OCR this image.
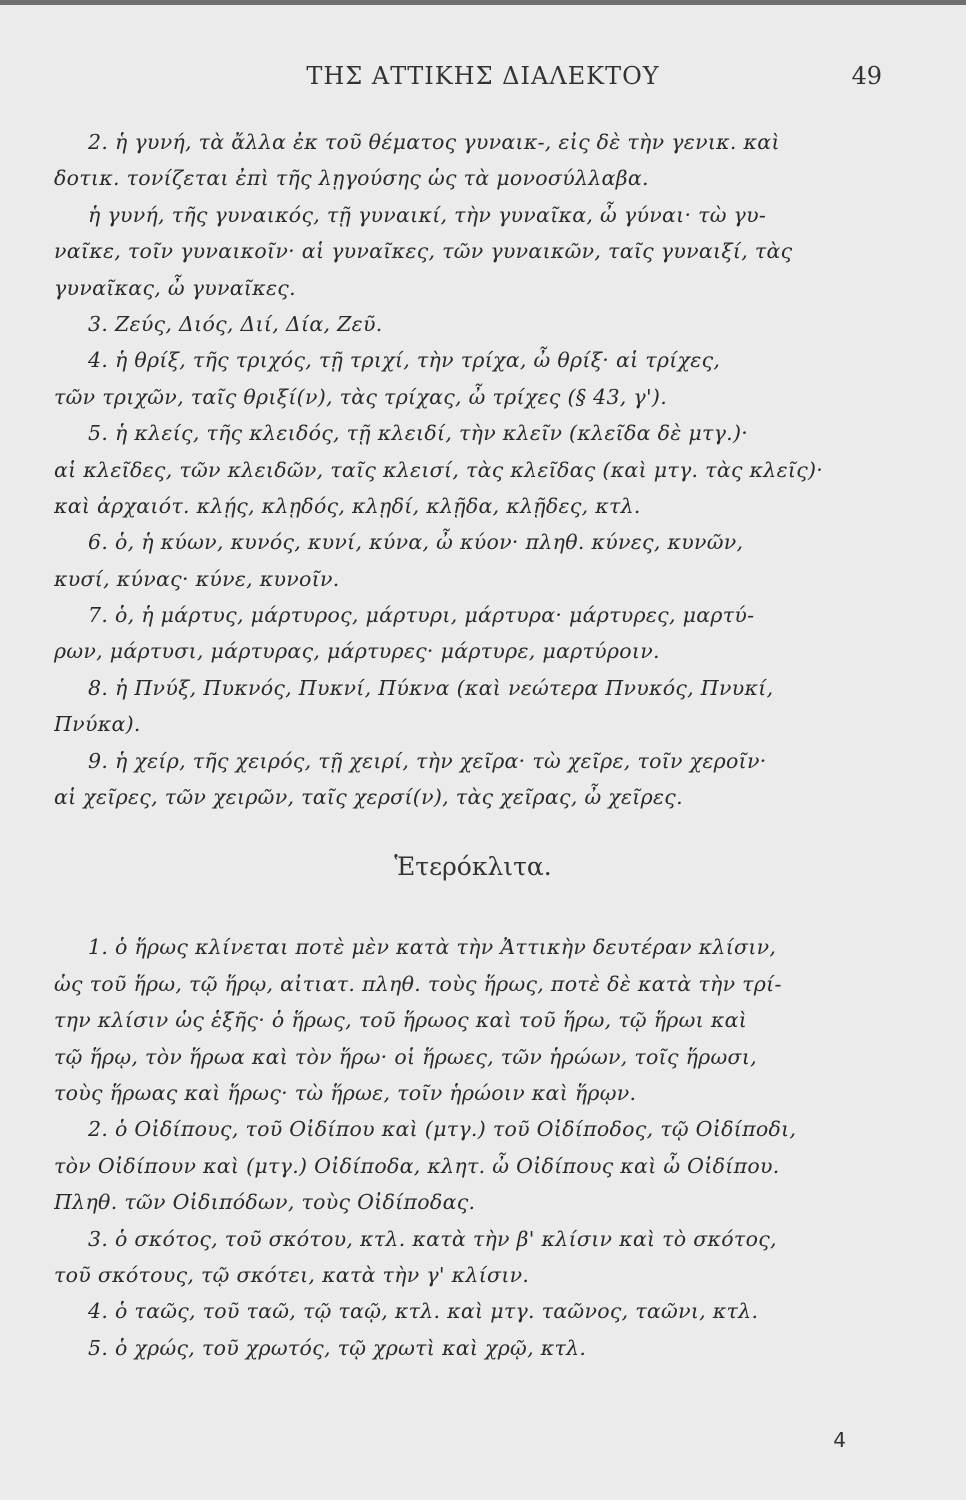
ΤΗΣ ΑΤΤΙΚΗΣ ΔΙΑΛΕΚΤΟΥ	49
2. ἡ γυνή, τὰ ἄλλα ἐκ τοῦ θέματος γυναικ-, εἰς δὲ τὴν γενικ. καὶ
δοτικ. τονίζεται ἐπὶ τῆς λῃγούσης ὡς τὰ μονοσύλλαβα.
ἡ γυνή, τῆς γυναικός, τῇ γυναικί, τὴν γυναῖκα, ὦ γύναι· τὼ γυ-
ναῖκε, τοῖν γυναικοῖν· αἱ γυναῖκες, τῶν γυναικῶν, ταῖς γυναιξί, τὰς
γυναῖκας, ὦ γυναῖκες.
3. Ζεύς, Διός, Διί, Δία, Ζεῦ.
4. ἡ θρίξ, τῆς τριχός, τῇ τριχί, τὴν τρίχα, ὦ θρίξ· αἱ τρίχες,
τῶν τριχῶν, ταῖς θριξί(ν), τὰς τρίχας, ὦ τρίχες (§ 43, γ').
5. ἡ κλείς, τῆς κλειδός, τῇ κλειδί, τὴν κλεῖν (κλεῖδα δὲ μτγ.)·
αἱ κλεῖδες, τῶν κλειδῶν, ταῖς κλεισί, τὰς κλεῖδας (καὶ μτγ. τὰς κλεῖς)·
καὶ ἀρχαιότ. κλῄς, κλῃδός, κλῃδί, κλῇδα, κλῇδες, κτλ.
6. ὁ, ἡ κύων, κυνός, κυνί, κύνα, ὦ κύον· πληθ. κύνες, κυνῶν,
κυσί, κύνας· κύνε, κυνοῖν.
7. ὁ, ἡ μάρτυς, μάρτυρος, μάρτυρι, μάρτυρα· μάρτυρες, μαρτύ-
ρων, μάρτυσι, μάρτυρας, μάρτυρες· μάρτυρε, μαρτύροιν.
8. ἡ Πνύξ, Πυκνός, Πυκνί, Πύκνα (καὶ νεώτερα Πνυκός, Πνυκί,
Πνύκα).
9. ἡ χείρ, τῆς χειρός, τῇ χειρί, τὴν χεῖρα· τὼ χεῖρε, τοῖν χεροῖν·
αἱ χεῖρες, τῶν χειρῶν, ταῖς χερσί(ν), τὰς χεῖρας, ὦ χεῖρες.
Ἑτερόκλιτα.
1. ὁ ἥρως κλίνεται ποτὲ μὲν κατὰ τὴν Ἀττικὴν δευτέραν κλίσιν,
ὡς τοῦ ἥρω, τῷ ἥρῳ, αἰτιατ. πληθ. τοὺς ἥρως, ποτὲ δὲ κατὰ τὴν τρί-
την κλίσιν ὡς ἑξῆς· ὁ ἥρως, τοῦ ἥρωος καὶ τοῦ ἥρω, τῷ ἥρωι καὶ
τῷ ἥρῳ, τὸν ἥρωα καὶ τὸν ἥρω· οἱ ἥρωες, τῶν ἡρώων, τοῖς ἥρωσι,
τοὺς ἥρωας καὶ ἥρως· τὼ ἥρωε, τοῖν ἡρώοιν καὶ ἥρῳν.
2. ὁ Οἰδίπους, τοῦ Οἰδίπου καὶ (μτγ.) τοῦ Οἰδίποδος, τῷ Οἰδίποδι,
τὸν Οἰδίπουν καὶ (μτγ.) Οἰδίποδα, κλητ. ὦ Οἰδίπους καὶ ὦ Οἰδίπου.
Πληθ. τῶν Οἰδιπόδων, τοὺς Οἰδίποδας.
3. ὁ σκότος, τοῦ σκότου, κτλ. κατὰ τὴν β' κλίσιν καὶ τὸ σκότος,
τοῦ σκότους, τῷ σκότει, κατὰ τὴν γ' κλίσιν.
4. ὁ ταῶς, τοῦ ταῶ, τῷ ταῷ, κτλ. καὶ μτγ. ταῶνος, ταῶνι, κτλ.
5. ὁ χρώς, τοῦ χρωτός, τῷ χρωτὶ καὶ χρῷ, κτλ.
4
